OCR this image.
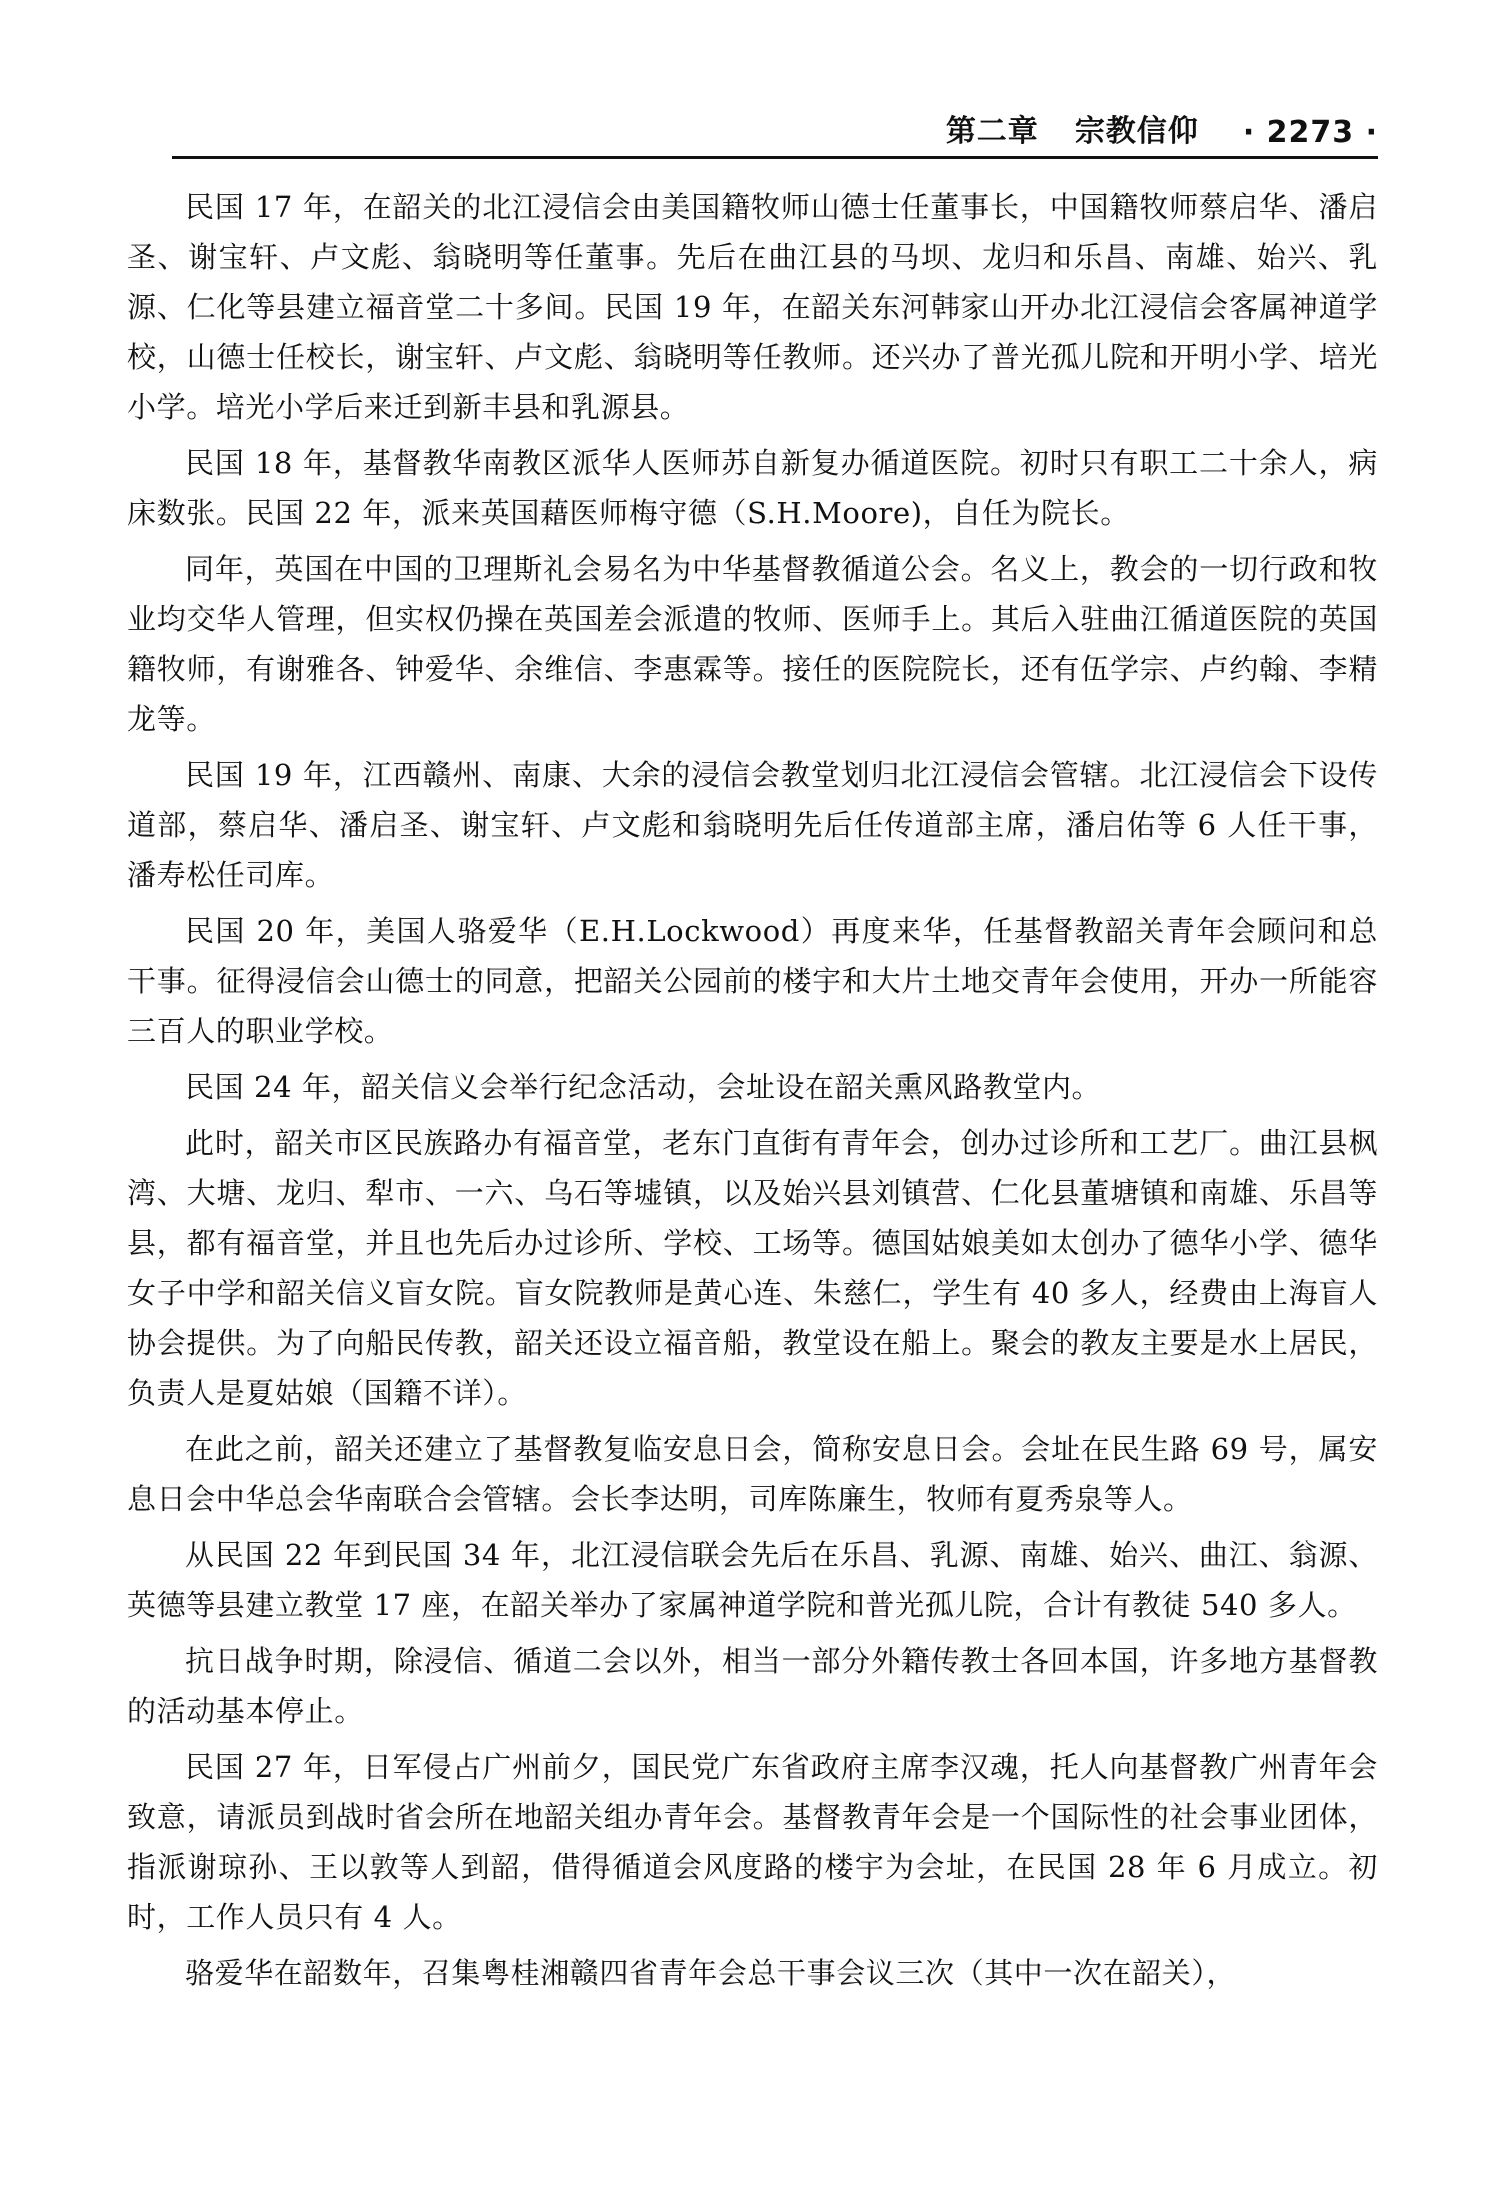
第二章 宗教信仰 · 2273 ·

民国 17 年，在韶关的北江浸信会由美国籍牧师山德士任董事长，中国籍牧师蔡启华、潘启圣、谢宝轩、卢文彪、翁晓明等任董事。先后在曲江县的马坝、龙归和乐昌、南雄、始兴、乳源、仁化等县建立福音堂二十多间。民国 19 年，在韶关东河韩家山开办北江浸信会客属神道学校，山德士任校长，谢宝轩、卢文彪、翁晓明等任教师。还兴办了普光孤儿院和开明小学、培光小学。培光小学后来迁到新丰县和乳源县。

民国 18 年，基督教华南教区派华人医师苏自新复办循道医院。初时只有职工二十余人，病床数张。民国 22 年，派来英国藉医师梅守德（S.H.Moore)，自任为院长。

同年，英国在中国的卫理斯礼会易名为中华基督教循道公会。名义上，教会的一切行政和牧业均交华人管理，但实权仍操在英国差会派遣的牧师、医师手上。其后入驻曲江循道医院的英国籍牧师，有谢雅各、钟爱华、余维信、李惠霖等。接任的医院院长，还有伍学宗、卢约翰、李精龙等。

民国 19 年，江西赣州、南康、大余的浸信会教堂划归北江浸信会管辖。北江浸信会下设传道部，蔡启华、潘启圣、谢宝轩、卢文彪和翁晓明先后任传道部主席，潘启佑等 6 人任干事，潘寿松任司库。

民国 20 年，美国人骆爱华（E.H.Lockwood）再度来华，任基督教韶关青年会顾问和总干事。征得浸信会山德士的同意，把韶关公园前的楼宇和大片土地交青年会使用，开办一所能容三百人的职业学校。

民国 24 年，韶关信义会举行纪念活动，会址设在韶关熏风路教堂内。

此时，韶关市区民族路办有福音堂，老东门直街有青年会，创办过诊所和工艺厂。曲江县枫湾、大塘、龙归、犁市、一六、乌石等墟镇，以及始兴县刘镇营、仁化县董塘镇和南雄、乐昌等县，都有福音堂，并且也先后办过诊所、学校、工场等。德国姑娘美如太创办了德华小学、德华女子中学和韶关信义盲女院。盲女院教师是黄心连、朱慈仁，学生有 40 多人，经费由上海盲人协会提供。为了向船民传教，韶关还设立福音船，教堂设在船上。聚会的教友主要是水上居民，负责人是夏姑娘（国籍不详）。

在此之前，韶关还建立了基督教复临安息日会，简称安息日会。会址在民生路 69 号，属安息日会中华总会华南联合会管辖。会长李达明，司库陈廉生，牧师有夏秀泉等人。

从民国 22 年到民国 34 年，北江浸信联会先后在乐昌、乳源、南雄、始兴、曲江、翁源、英德等县建立教堂 17 座，在韶关举办了家属神道学院和普光孤儿院，合计有教徒 540 多人。

抗日战争时期，除浸信、循道二会以外，相当一部分外籍传教士各回本国，许多地方基督教的活动基本停止。

民国 27 年，日军侵占广州前夕，国民党广东省政府主席李汉魂，托人向基督教广州青年会致意，请派员到战时省会所在地韶关组办青年会。基督教青年会是一个国际性的社会事业团体，指派谢琼孙、王以敦等人到韶，借得循道会风度路的楼宇为会址，在民国 28 年 6 月成立。初时，工作人员只有 4 人。

骆爱华在韶数年，召集粤桂湘赣四省青年会总干事会议三次（其中一次在韶关），
